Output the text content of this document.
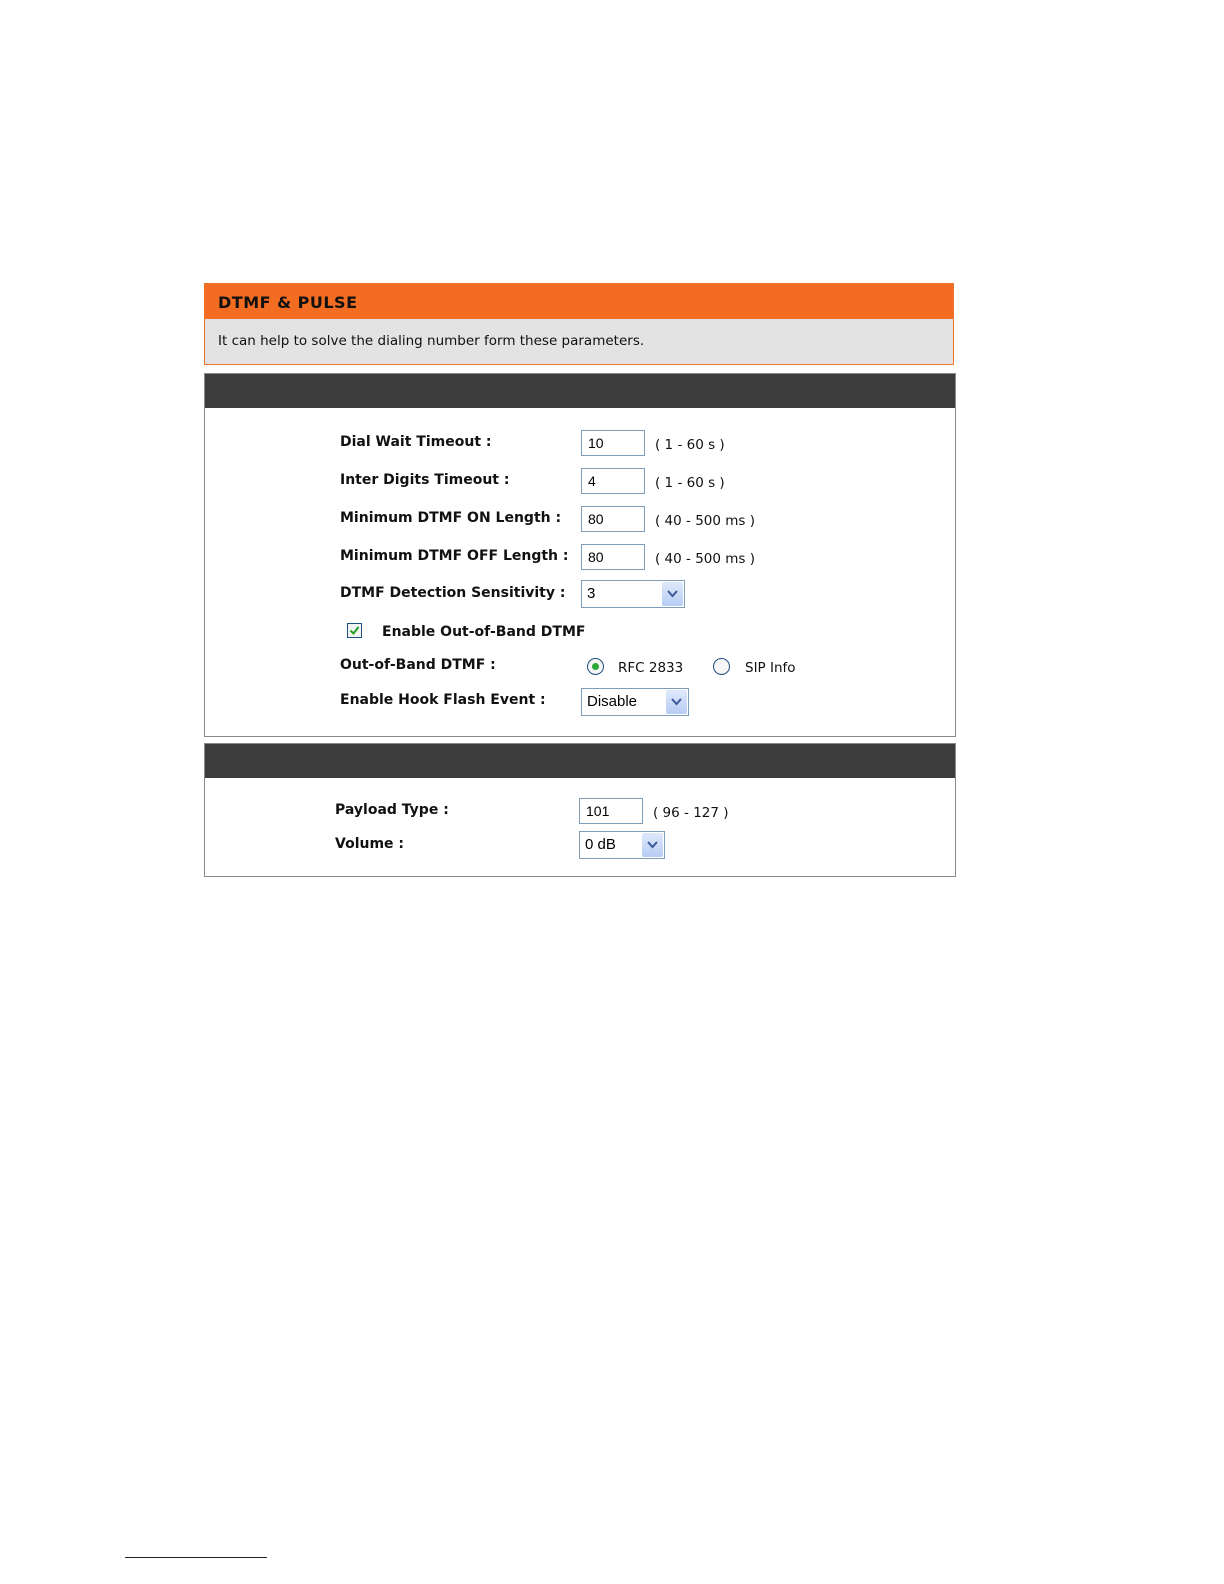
DTMF & PULSE
It can help to solve the dialing number form these parameters.
Dial Wait Timeout :
10	( 1 - 60 s )
Inter Digits Timeout :
4	( 1 - 60 s )
Minimum DTMF ON Length :
80	( 40 - 500 ms )
Minimum DTMF OFF Length :
80	( 40 - 500 ms )
DTMF Detection Sensitivity : 3
Enable Out-of-Band DTMF
Out-of-Band DTMF :	RFC 2833	SIP Info
Enable Hook Flash Event :	Disable
Payload Type :
101	( 96 - 127 )
Volume :	0 dB
